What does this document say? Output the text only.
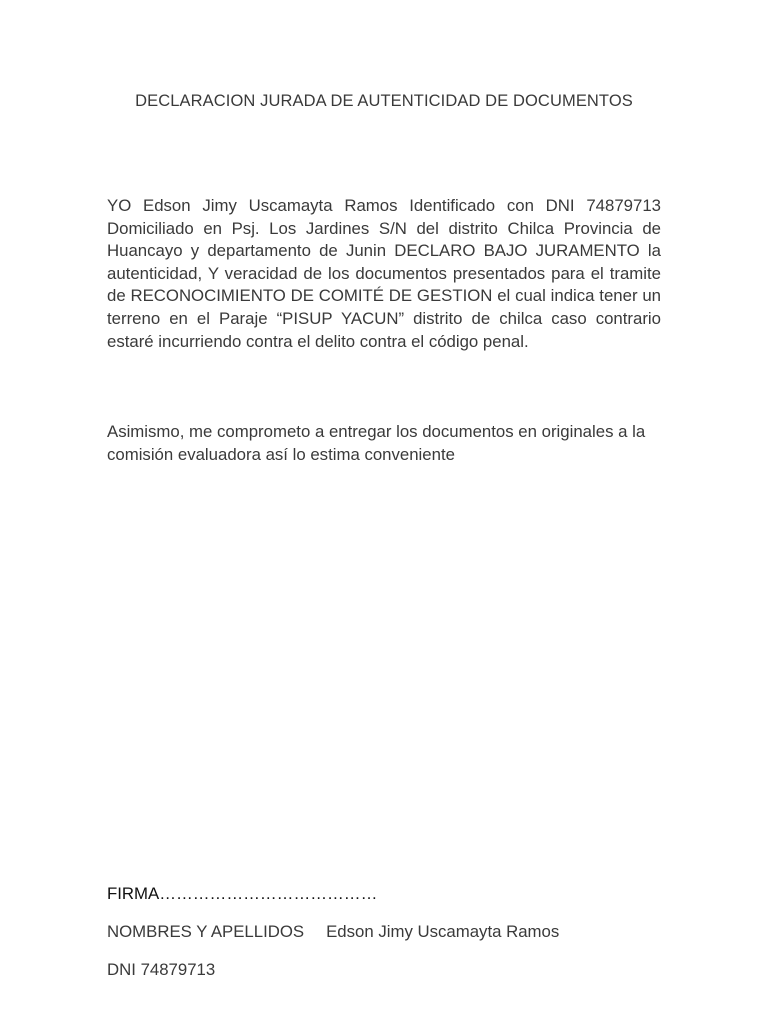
DECLARACION JURADA DE AUTENTICIDAD DE DOCUMENTOS

YO Edson Jimy Uscamayta Ramos Identificado con DNI 74879713 Domiciliado en Psj. Los Jardines S/N del distrito Chilca Provincia de Huancayo y departamento de Junin DECLARO BAJO JURAMENTO la autenticidad, Y veracidad de los documentos presentados para el tramite de RECONOCIMIENTO DE COMITÉ DE GESTION el cual indica tener un terreno en el Paraje “PISUP YACUN” distrito de chilca caso contrario estaré incurriendo contra el delito contra el código penal.

Asimismo, me comprometo a entregar los documentos en originales a la comisión evaluadora así lo estima conveniente

FIRMA…………………………………
NOMBRES Y APELLIDOS Edson Jimy Uscamayta Ramos
DNI 74879713
